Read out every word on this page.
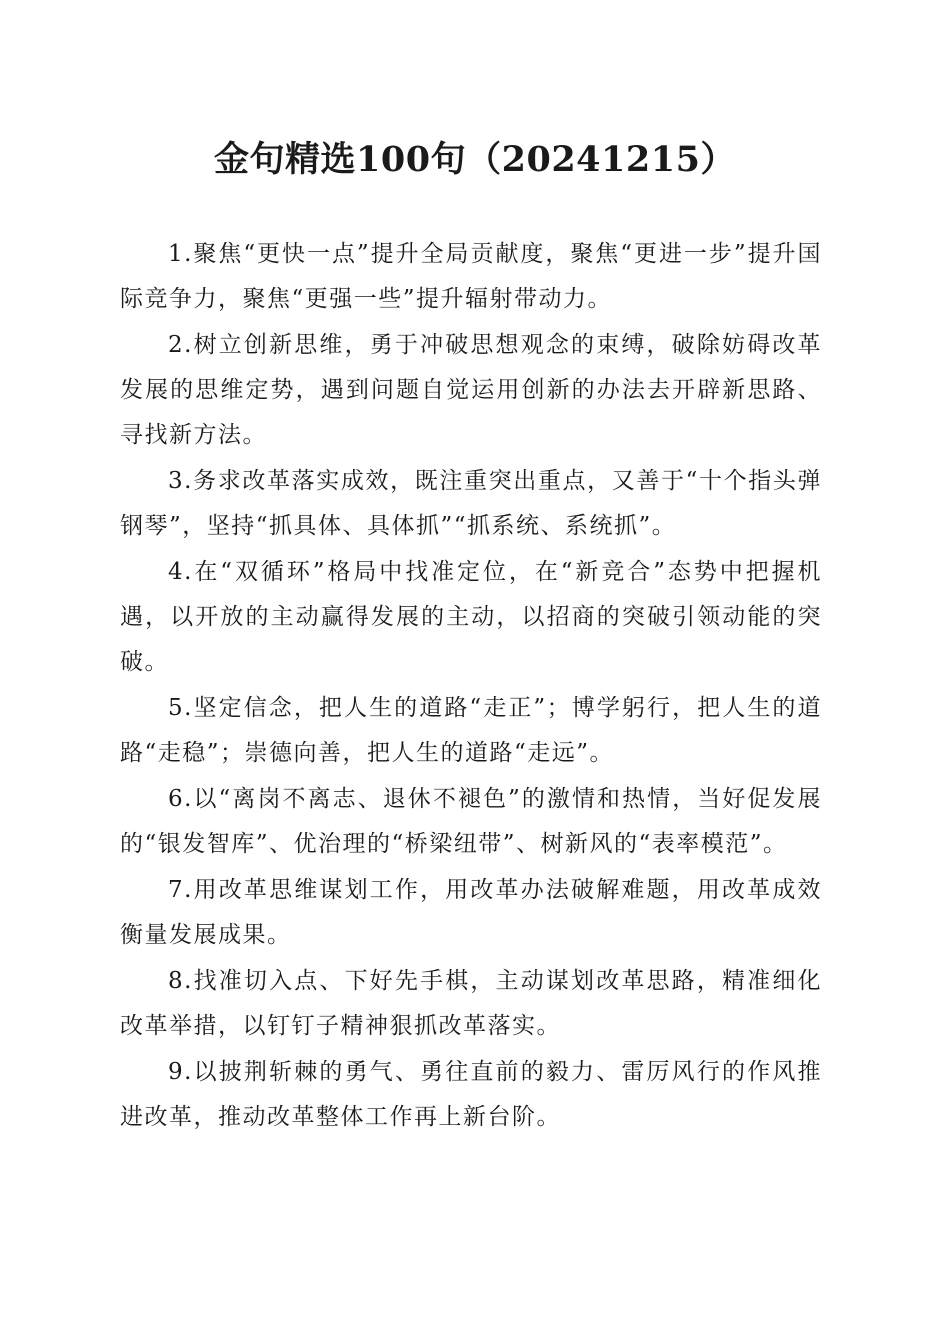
金句精选100句（20241215）

1.聚焦“更快一点”提升全局贡献度，聚焦“更进一步”提升国际竞争力，聚焦“更强一些”提升辐射带动力。

2.树立创新思维，勇于冲破思想观念的束缚，破除妨碍改革发展的思维定势，遇到问题自觉运用创新的办法去开辟新思路、寻找新方法。

3.务求改革落实成效，既注重突出重点，又善于“十个指头弹钢琴”，坚持“抓具体、具体抓”“抓系统、系统抓”。

4.在“双循环”格局中找准定位，在“新竞合”态势中把握机遇，以开放的主动赢得发展的主动，以招商的突破引领动能的突破。

5.坚定信念，把人生的道路“走正”；博学躬行，把人生的道路“走稳”；崇德向善，把人生的道路“走远”。

6.以“离岗不离志、退休不褪色”的激情和热情，当好促发展的“银发智库”、优治理的“桥梁纽带”、树新风的“表率模范”。

7.用改革思维谋划工作，用改革办法破解难题，用改革成效衡量发展成果。

8.找准切入点、下好先手棋，主动谋划改革思路，精准细化改革举措，以钉钉子精神狠抓改革落实。

9.以披荆斩棘的勇气、勇往直前的毅力、雷厉风行的作风推进改革，推动改革整体工作再上新台阶。
